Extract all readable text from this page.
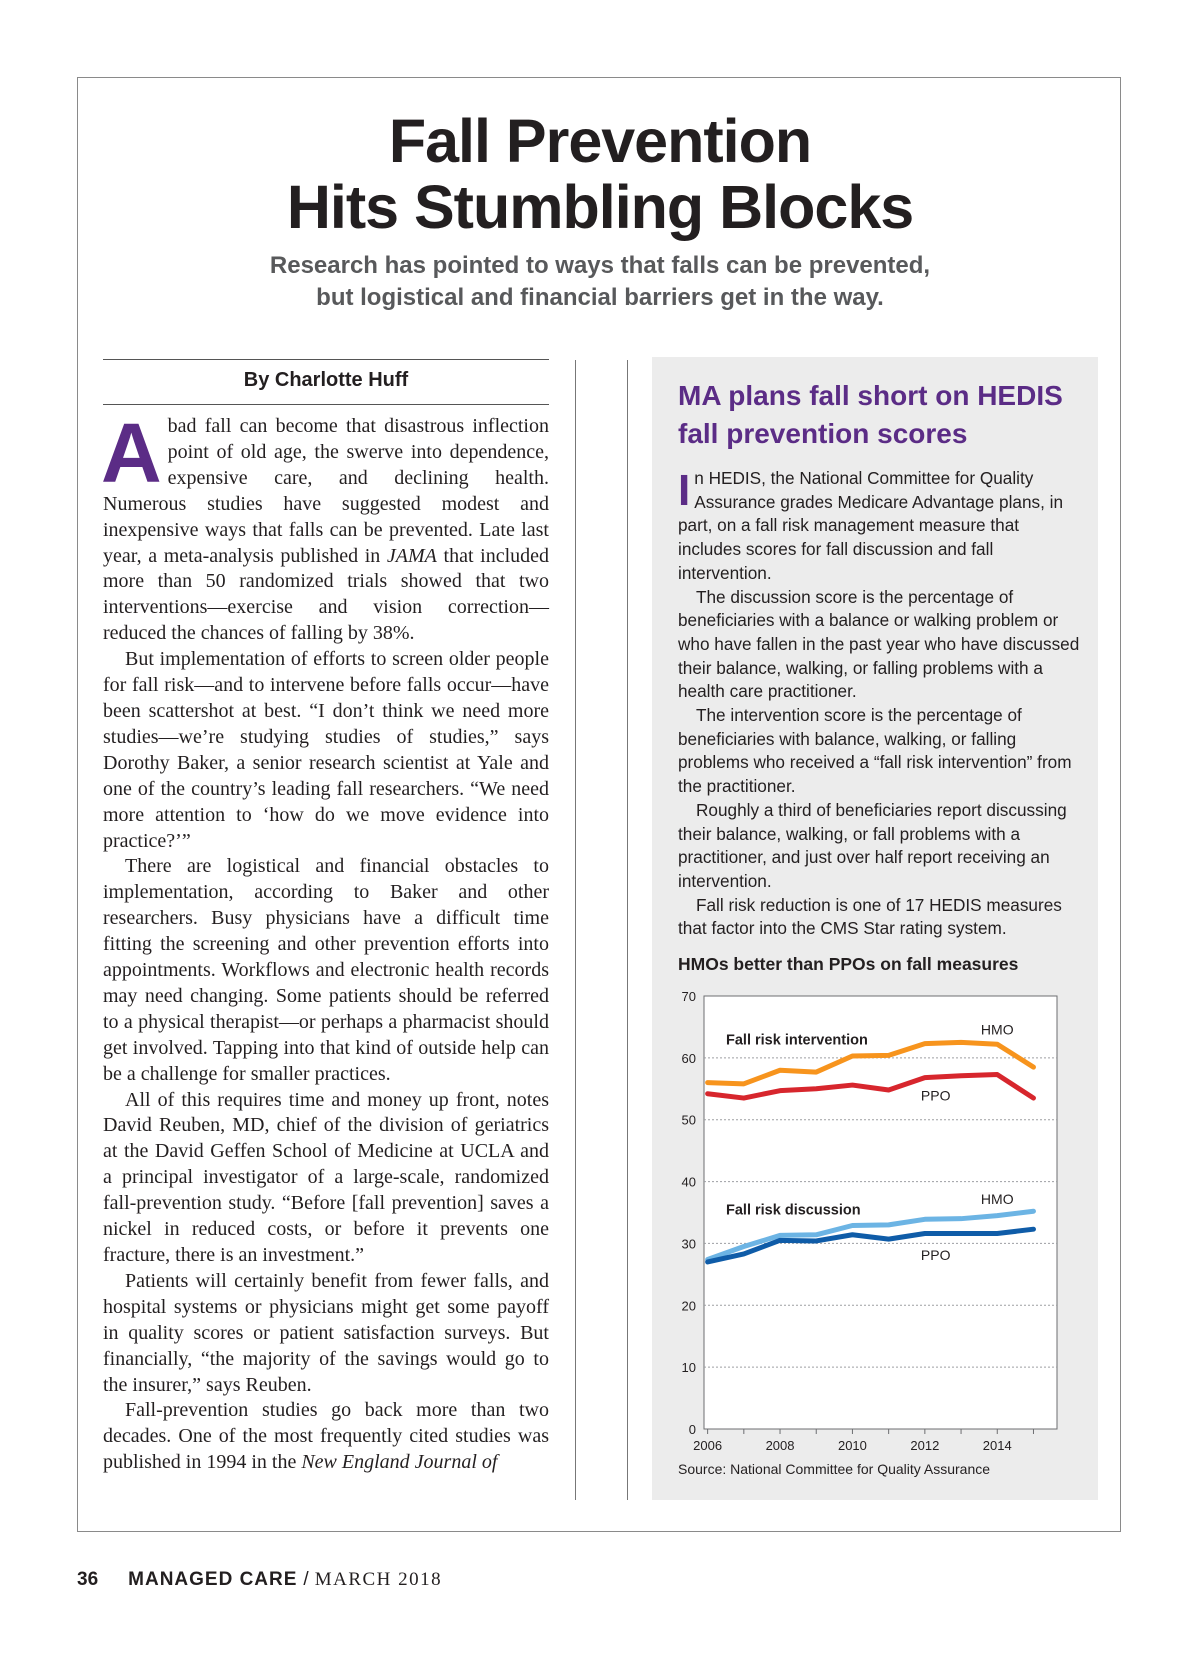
Fall Prevention
Hits Stumbling Blocks
Research has pointed to ways that falls can be prevented,
but logistical and financial barriers get in the way.
By Charlotte Huff

A bad fall can become that disastrous inflection point of old age, the swerve into dependence, expensive care, and declining health. Numerous studies have suggested modest and inexpensive ways that falls can be prevented. Late last year, a meta-analysis published in JAMA that included more than 50 randomized trials showed that two interventions—exercise and vision correction—reduced the chances of falling by 38%.

But implementation of efforts to screen older people for fall risk—and to intervene before falls occur—have been scattershot at best. “I don’t think we need more studies—we’re studying studies of studies,” says Dorothy Baker, a senior research scientist at Yale and one of the country’s leading fall researchers. “We need more attention to ‘how do we move evidence into practice?’”

There are logistical and financial obstacles to implementation, according to Baker and other researchers. Busy physicians have a difficult time fitting the screening and other prevention efforts into appointments. Workflows and electronic health records may need changing. Some patients should be referred to a physical therapist—or perhaps a pharmacist should get involved. Tapping into that kind of outside help can be a challenge for smaller practices.

All of this requires time and money up front, notes David Reuben, MD, chief of the division of geriatrics at the David Geffen School of Medicine at UCLA and a principal investigator of a large-scale, randomized fall-prevention study. “Before [fall prevention] saves a nickel in reduced costs, or before it prevents one fracture, there is an investment.”

Patients will certainly benefit from fewer falls, and hospital systems or physicians might get some payoff in quality scores or patient satisfaction surveys. But financially, “the majority of the savings would go to the insurer,” says Reuben.

Fall-prevention studies go back more than two decades. One of the most frequently cited studies was published in 1994 in the New England Journal of

MA plans fall short on HEDIS
fall prevention scores

In HEDIS, the National Committee for Quality Assurance grades Medicare Advantage plans, in part, on a fall risk management measure that includes scores for fall discussion and fall intervention.

The discussion score is the percentage of beneficiaries with a balance or walking problem or who have fallen in the past year who have discussed their balance, walking, or falling problems with a health care practitioner.

The intervention score is the percentage of beneficiaries with balance, walking, or falling problems who received a “fall risk intervention” from the practitioner.

Roughly a third of beneficiaries report discussing their balance, walking, or fall problems with a practitioner, and just over half report receiving an intervention.

Fall risk reduction is one of 17 HEDIS measures that factor into the CMS Star rating system.

HMOs better than PPOs on fall measures
0
10
20
30
40
50
60
70
2006	2008	2010	2012	2014
Fall risk intervention
Fall risk discussion
HMO
PPO
HMO
PPO
Source: National Committee for Quality Assurance
36 MANAGED CARE / MARCH 2018
